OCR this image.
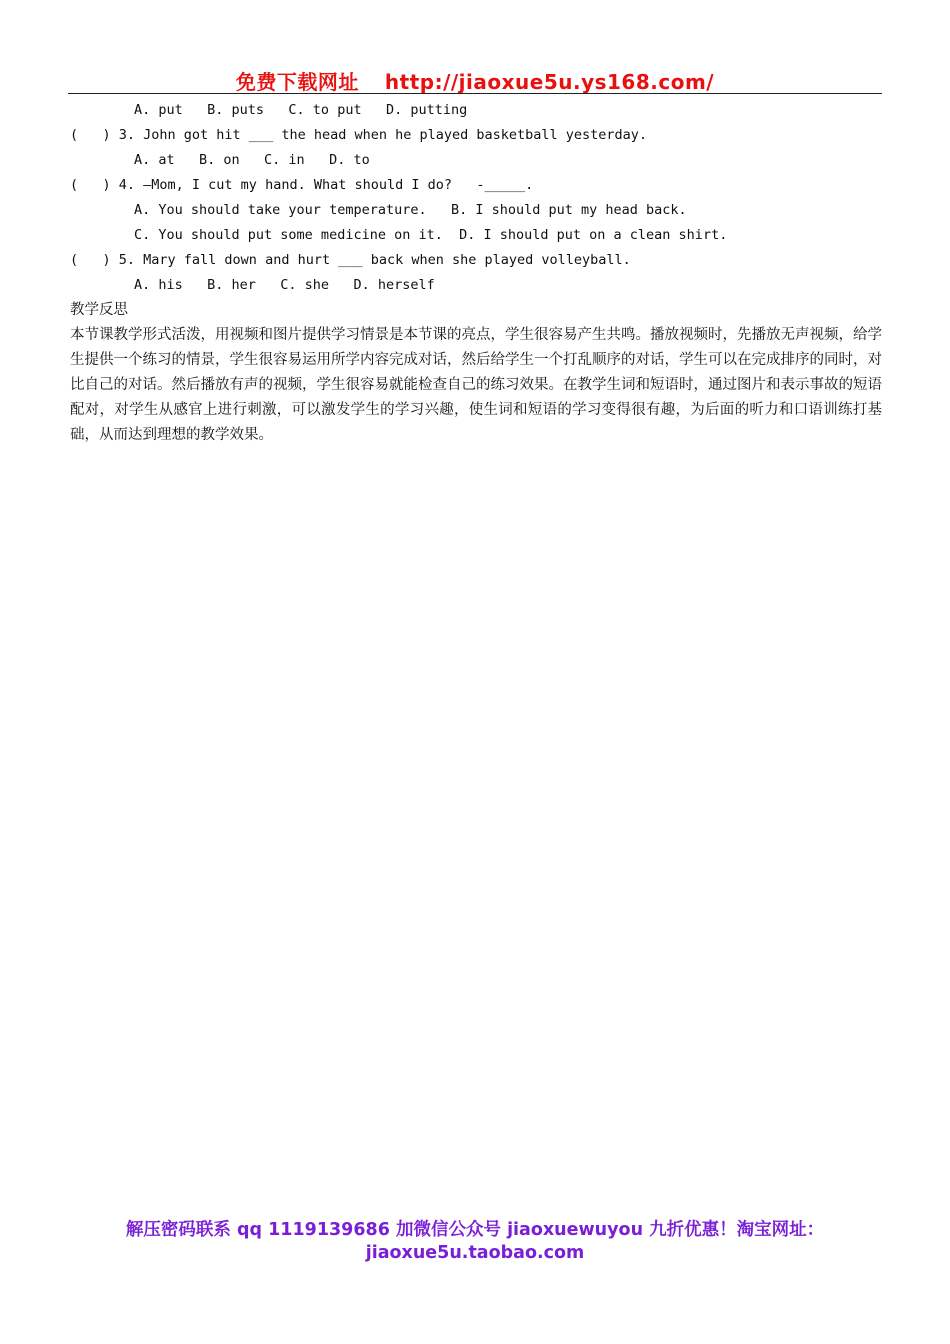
免费下载网址 http://jiaoxue5u.ys168.com/
A. put   B. puts   C. to put   D. putting
(   ) 3. John got hit ___ the head when he played basketball yesterday.
A. at   B. on   C. in   D. to
(   ) 4. –Mom, I cut my hand. What should I do?   -_____.
A. You should take your temperature.   B. I should put my head back.
C. You should put some medicine on it.  D. I should put on a clean shirt.
(   ) 5. Mary fall down and hurt ___ back when she played volleyball.
A. his   B. her   C. she   D. herself
教学反思
本节课教学形式活泼，用视频和图片提供学习情景是本节课的亮点，学生很容易产生共鸣。播放视频时，先播放无声视频，给学生提供一个练习的情景，学生很容易运用所学内容完成对话，然后给学生一个打乱顺序的对话，学生可以在完成排序的同时，对比自己的对话。然后播放有声的视频，学生很容易就能检查自己的练习效果。在教学生词和短语时，通过图片和表示事故的短语配对，对学生从感官上进行刺激，可以激发学生的学习兴趣，使生词和短语的学习变得很有趣，为后面的听力和口语训练打基础，从而达到理想的教学效果。
解压密码联系 qq 1119139686 加微信公众号 jiaoxuewuyou 九折优惠！淘宝网址：jiaoxue5u.taobao.com
